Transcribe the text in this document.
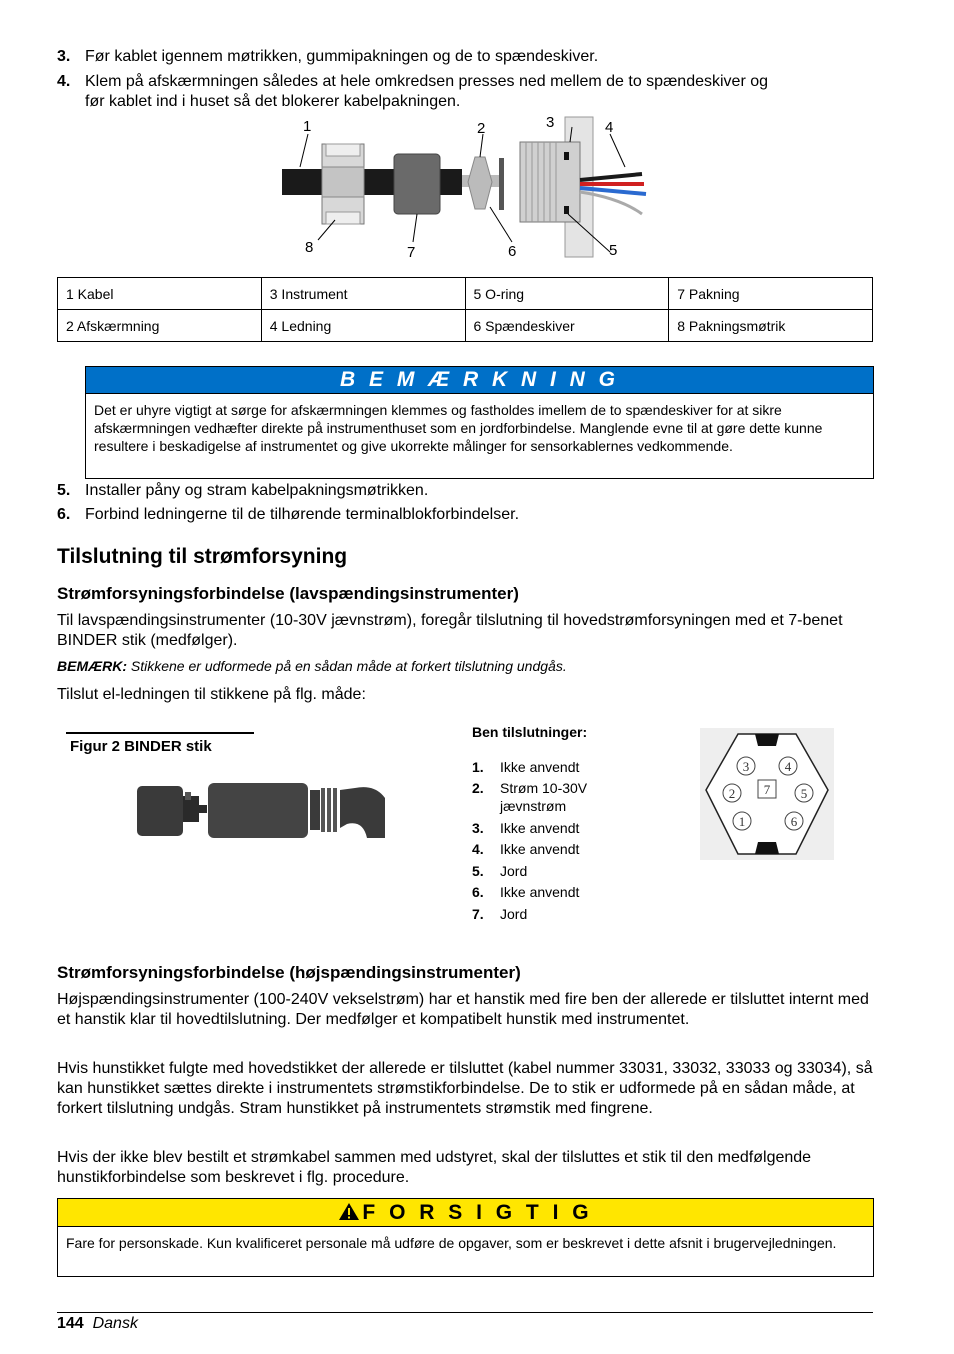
3. Før kablet igennem møtrikken, gummipakningen og de to spændeskiver.
4. Klem på afskærmningen således at hele omkredsen presses ned mellem de to spændeskiver og
før kablet ind i huset så det blokerer kabelpakningen.
1	2	3	4
5
6
7
8
1 Kabel	3 Instrument	5 O-ring	7 Pakning
2 Afskærmning	4 Ledning	6 Spændeskiver	8 Pakningsmøtrik
B E M Æ R K N I N G
Det er uhyre vigtigt at sørge for afskærmningen klemmes og fastholdes imellem de to spændeskiver for at sikre afskærmningen vedhæfter direkte på instrumenthuset som en jordforbindelse. Manglende evne til at gøre dette kunne resultere i beskadigelse af instrumentet og give ukorrekte målinger for sensorkablernes vedkommende.
5. Installer påny og stram kabelpakningsmøtrikken.
6. Forbind ledningerne til de tilhørende terminalblokforbindelser.
Tilslutning til strømforsyning
Strømforsyningsforbindelse (lavspændingsinstrumenter)
Til lavspændingsinstrumenter (10-30V jævnstrøm), foregår tilslutning til hovedstrømforsyningen med et 7-benet BINDER stik (medfølger).
BEMÆRK: Stikkene er udformede på en sådan måde at forkert tilslutning undgås.
Tilslut el-ledningen til stikkene på flg. måde:
Figur 2 BINDER stik
Ben tilslutninger:
1. Ikke anvendt
2. Strøm 10-30V
jævnstrøm
3. Ikke anvendt
4. Ikke anvendt
5. Jord
6. Ikke anvendt
7. Jord
3	4
2 7 5
1	6
Strømforsyningsforbindelse (højspændingsinstrumenter)
Højspændingsinstrumenter (100-240V vekselstrøm) har et hanstik med fire ben der allerede er tilsluttet internt med et hanstik klar til hovedtilslutning. Der medfølger et kompatibelt hunstik med instrumentet.
Hvis hunstikket fulgte med hovedstikket der allerede er tilsluttet (kabel nummer 33031, 33032, 33033 og 33034), så kan hunstikket sættes direkte i instrumentets strømstikforbindelse. De to stik er udformede på en sådan måde, at forkert tilslutning undgås. Stram hunstikket på instrumentets strømstik med fingrene.
Hvis der ikke blev bestilt et strømkabel sammen med udstyret, skal der tilsluttes et stik til den medfølgende hunstikforbindelse som beskrevet i flg. procedure.
F O R S I G T I G
Fare for personskade. Kun kvalificeret personale må udføre de opgaver, som er beskrevet i dette afsnit i brugervejledningen.
144 Dansk
